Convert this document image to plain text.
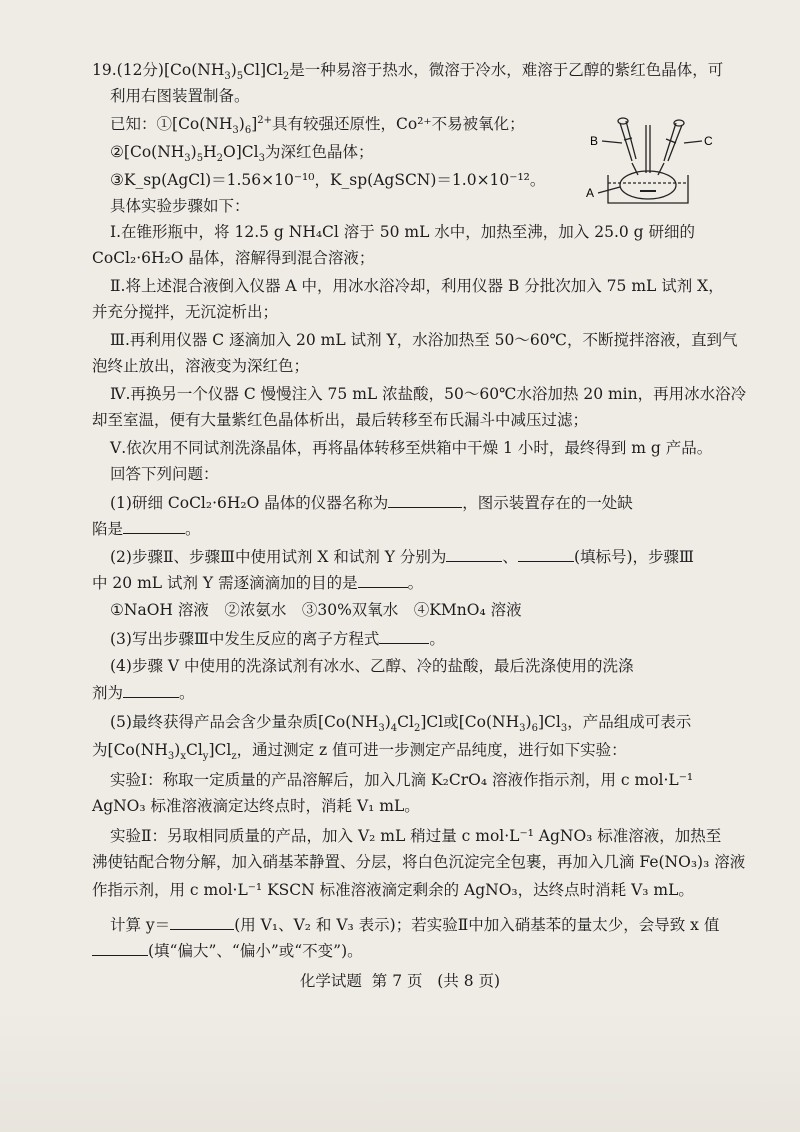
19.(12分)$[Co(NH_3)_5Cl]Cl_2$是一种易溶于热水，微溶于冷水，难溶于乙醇的紫红色晶体，可
利用右图装置制备。
已知：$①[Co(NH_3)_6]^{2+}$具有较强还原性，Co²⁺不易被氧化；
$②[Co(NH_3)_5H_2O]Cl_3$为深红色晶体；
③K_sp(AgCl)＝1.56×10⁻¹⁰，K_sp(AgSCN)＝1.0×10⁻¹²。
B	C
A
具体实验步骤如下：
Ⅰ.在锥形瓶中，将 12.5 g NH₄Cl 溶于 50 mL 水中，加热至沸，加入 25.0 g 研细的
CoCl₂·6H₂O 晶体，溶解得到混合溶液；
Ⅱ.将上述混合液倒入仪器 A 中，用冰水浴冷却，利用仪器 B 分批次加入 75 mL 试剂 X，
并充分搅拌，无沉淀析出；
Ⅲ.再利用仪器 C 逐滴加入 20 mL 试剂 Y，水浴加热至 50～60℃，不断搅拌溶液，直到气
泡终止放出，溶液变为深红色；
Ⅳ.再换另一个仪器 C 慢慢注入 75 mL 浓盐酸，50～60℃水浴加热 20 min，再用冰水浴冷
却至室温，便有大量紫红色晶体析出，最后转移至布氏漏斗中减压过滤；
Ⅴ.依次用不同试剂洗涤晶体，再将晶体转移至烘箱中干燥 1 小时，最终得到 m g 产品。
回答下列问题：
(1)研细 CoCl₂·6H₂O 晶体的仪器名称为	，图示装置存在的一处缺
陷是	。
(2)步骤Ⅱ、步骤Ⅲ中使用试剂 X 和试剂 Y 分别为	、	(填标号)，步骤Ⅲ
中 20 mL 试剂 Y 需逐滴滴加的目的是	。
①NaOH 溶液　②浓氨水　③30%双氧水　④KMnO₄ 溶液
(3)写出步骤Ⅲ中发生反应的离子方程式	。
(4)步骤 Ⅴ 中使用的洗涤试剂有冰水、乙醇、冷的盐酸，最后洗涤使用的洗涤
剂为	。
(5)最终获得产品会含少量杂质$[Co(NH_3)_4Cl_2]Cl$或$[Co(NH_3)_6]Cl_3$，产品组成可表示
为$[Co(NH_3)_xCl_y]Cl_z$，通过测定 z 值可进一步测定产品纯度，进行如下实验：
实验Ⅰ：称取一定质量的产品溶解后，加入几滴 K₂CrO₄ 溶液作指示剂，用 c mol·L⁻¹
AgNO₃ 标准溶液滴定达终点时，消耗 V₁ mL。
实验Ⅱ：另取相同质量的产品，加入 V₂ mL 稍过量 c mol·L⁻¹ AgNO₃ 标准溶液，加热至
沸使钴配合物分解，加入硝基苯静置、分层，将白色沉淀完全包裹，再加入几滴 Fe(NO₃)₃ 溶液
作指示剂，用 c mol·L⁻¹ KSCN 标准溶液滴定剩余的 AgNO₃，达终点时消耗 V₃ mL。
计算 y＝	(用 V₁、V₂ 和 V₃ 表示)；若实验Ⅱ中加入硝基苯的量太少，会导致 x 值
(填“偏大”、“偏小”或“不变”)。
化学试题 第 7 页 (共 8 页)
